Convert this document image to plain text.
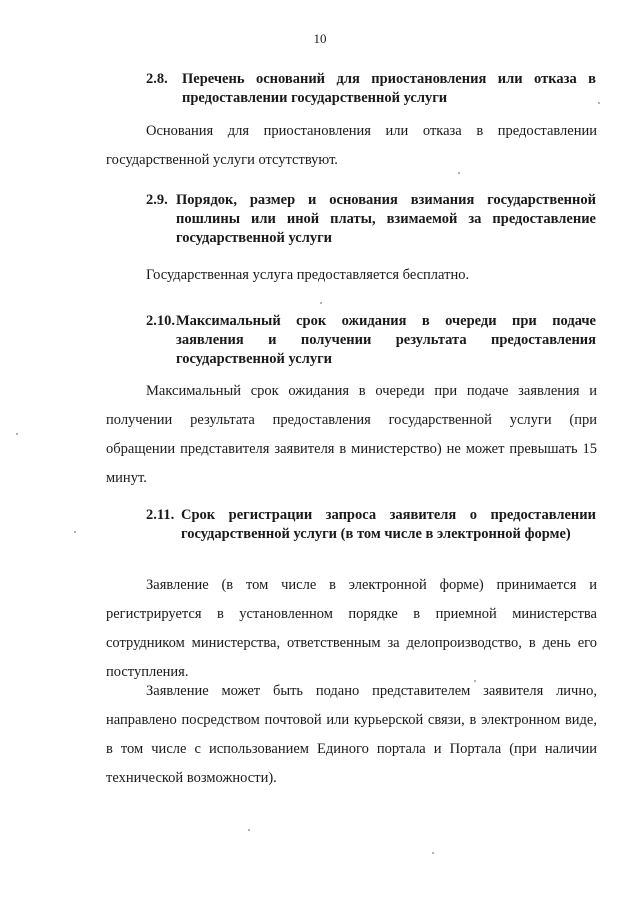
10
2.8. Перечень оснований для приостановления или отказа в предоставлении государственной услуги

Основания для приостановления или отказа в предоставлении государственной услуги отсутствуют.

2.9. Порядок, размер и основания взимания государственной пошлины или иной платы, взимаемой за предоставление государственной услуги

Государственная услуга предоставляется бесплатно.

2.10. Максимальный срок ожидания в очереди при подаче заявления и получении результата предоставления государственной услуги

Максимальный срок ожидания в очереди при подаче заявления и получении результата предоставления государственной услуги (при обращении представителя заявителя в министерство) не может превышать 15 минут.

2.11. Срок регистрации запроса заявителя о предоставлении государственной услуги (в том числе в электронной форме)

Заявление (в том числе в электронной форме) принимается и регистрируется в установленном порядке в приемной министерства сотрудником министерства, ответственным за делопроизводство, в день его поступления.

Заявление может быть подано представителем заявителя лично, направлено посредством почтовой или курьерской связи, в электронном виде, в том числе с использованием Единого портала и Портала (при наличии технической возможности).
